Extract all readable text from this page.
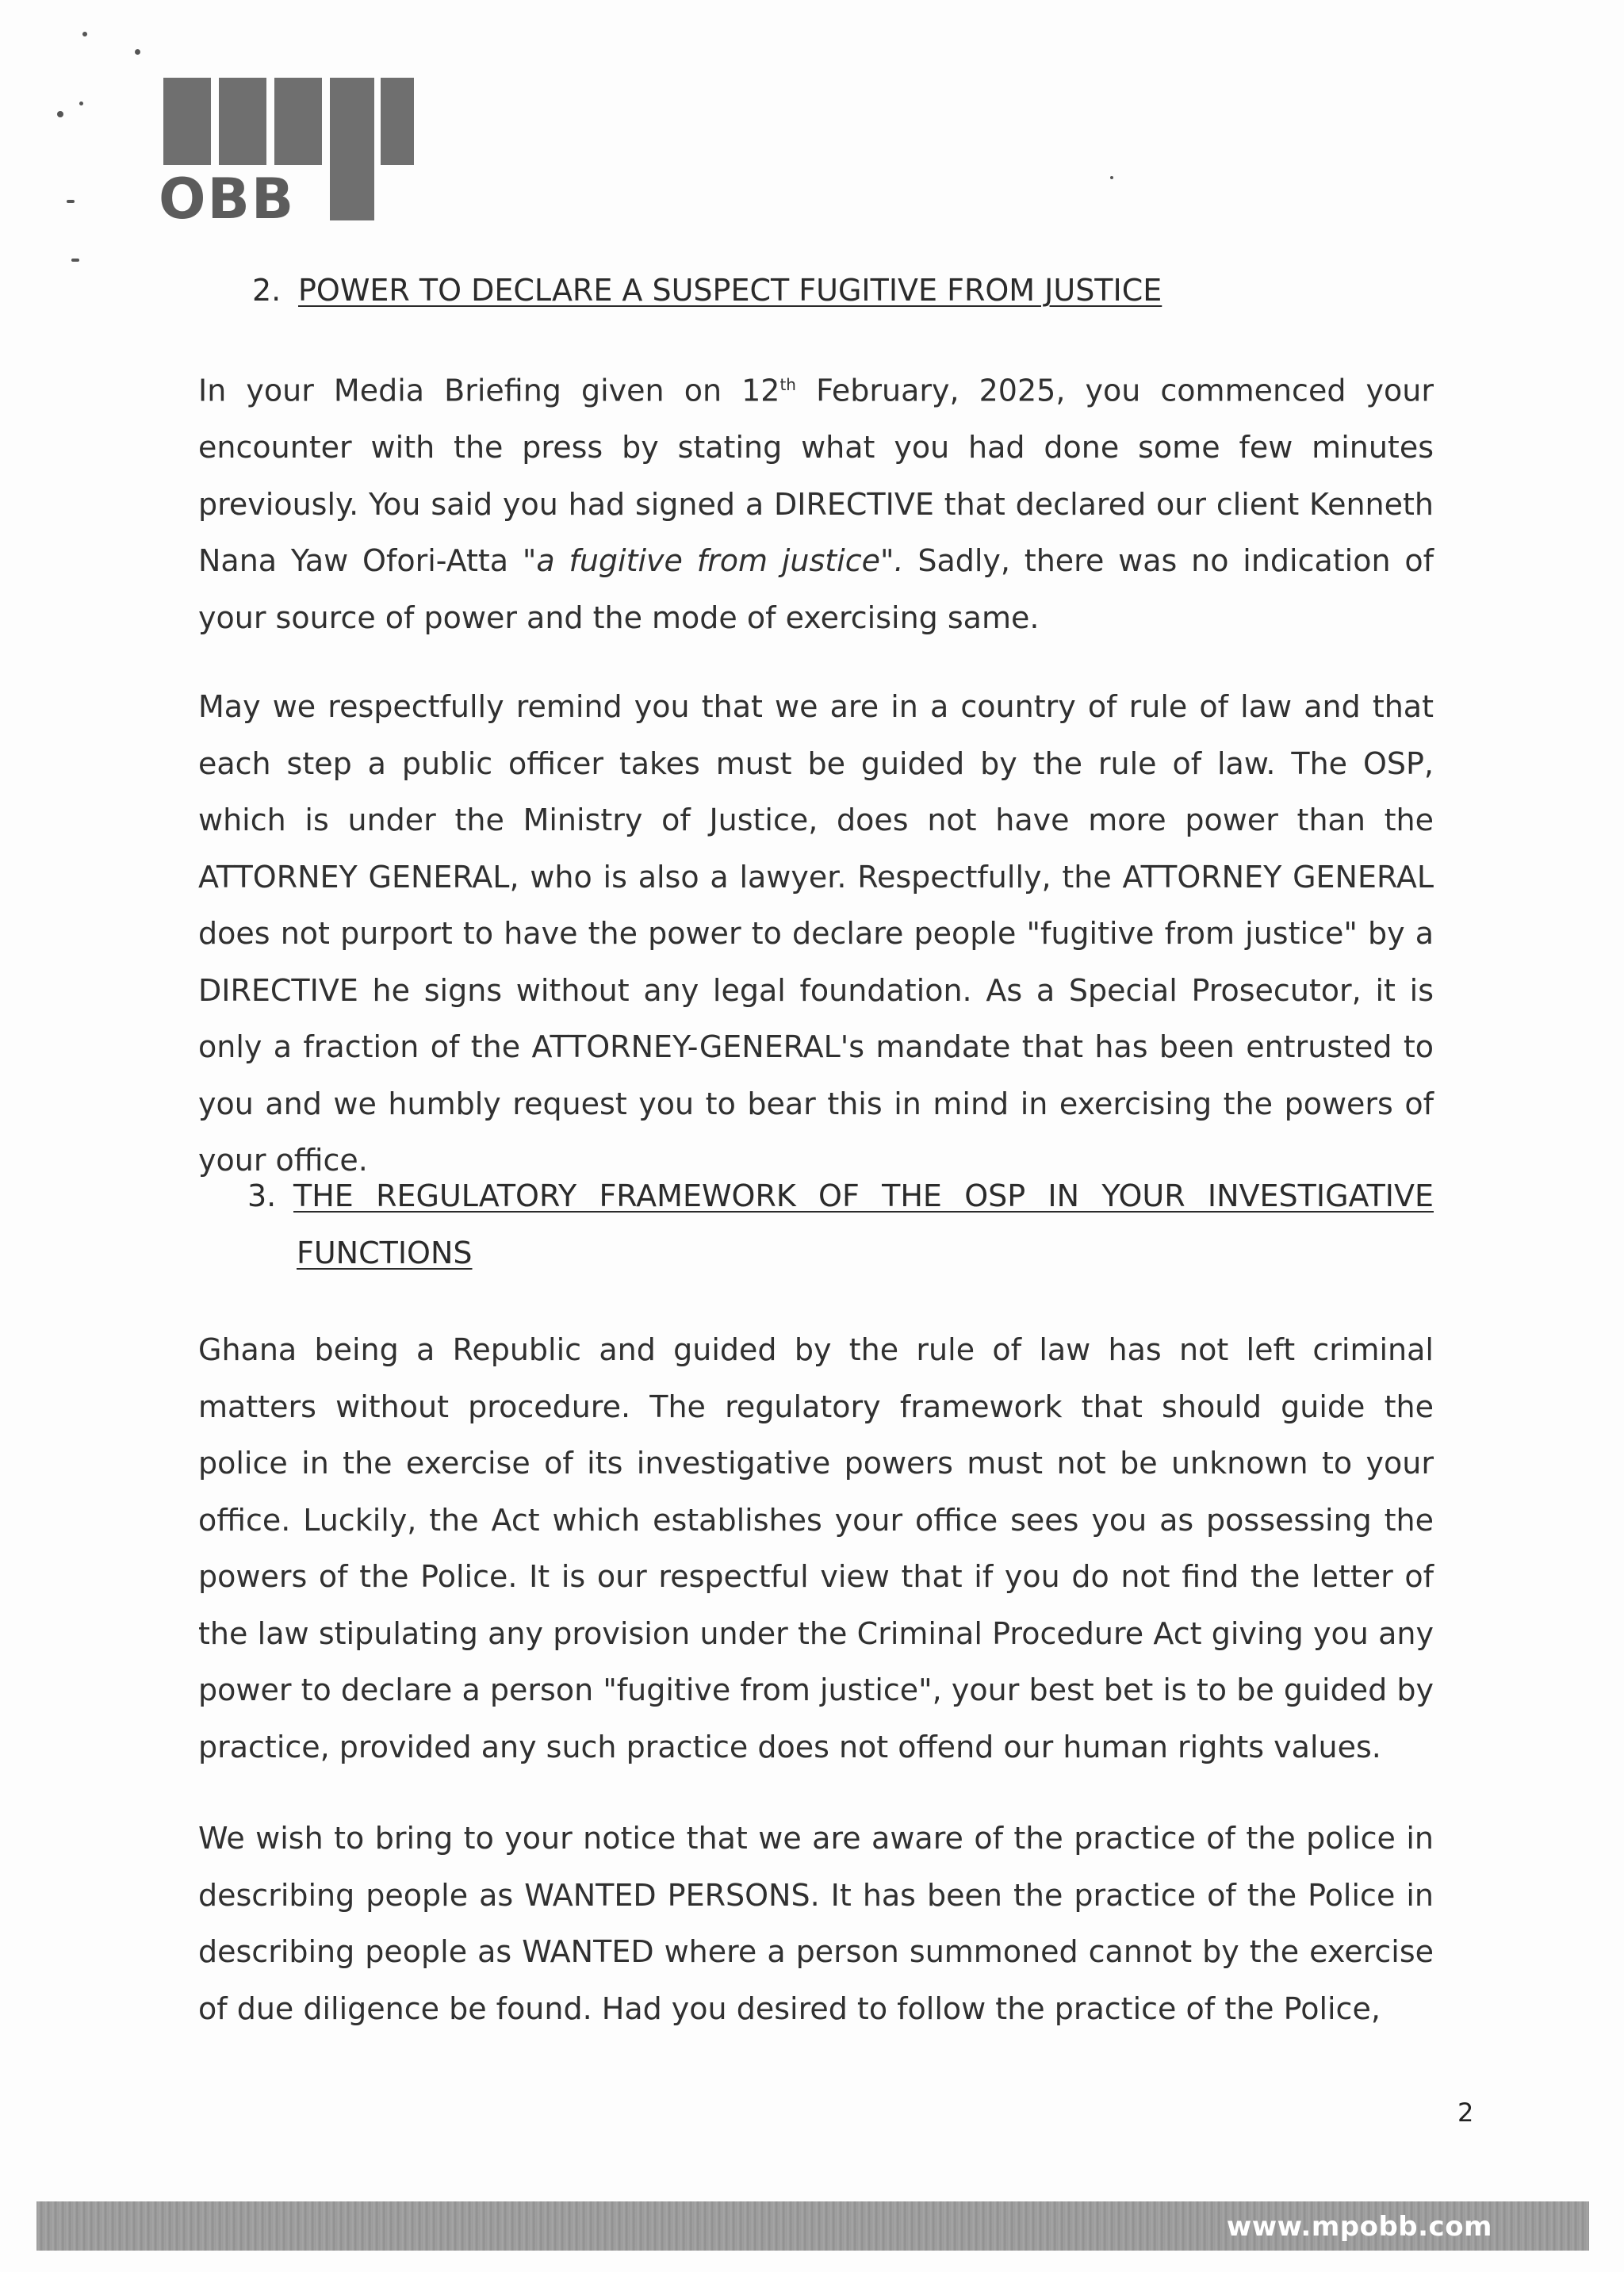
OBB
2. POWER TO DECLARE A SUSPECT FUGITIVE FROM JUSTICE
In your Media Briefing given on 12th February, 2025, you commenced your encounter with the press by stating what you had done some few minutes previously. You said you had signed a DIRECTIVE that declared our client Kenneth Nana Yaw Ofori-Atta "a fugitive from justice". Sadly, there was no indication of your source of power and the mode of exercising same.
May we respectfully remind you that we are in a country of rule of law and that each step a public officer takes must be guided by the rule of law. The OSP, which is under the Ministry of Justice, does not have more power than the ATTORNEY GENERAL, who is also a lawyer. Respectfully, the ATTORNEY GENERAL does not purport to have the power to declare people "fugitive from justice" by a DIRECTIVE he signs without any legal foundation. As a Special Prosecutor, it is only a fraction of the ATTORNEY-GENERAL's mandate that has been entrusted to you and we humbly request you to bear this in mind in exercising the powers of your office.
3. THE REGULATORY FRAMEWORK OF THE OSP IN YOUR INVESTIGATIVE
FUNCTIONS
Ghana being a Republic and guided by the rule of law has not left criminal matters without procedure. The regulatory framework that should guide the police in the exercise of its investigative powers must not be unknown to your office. Luckily, the Act which establishes your office sees you as possessing the powers of the Police. It is our respectful view that if you do not find the letter of the law stipulating any provision under the Criminal Procedure Act giving you any power to declare a person "fugitive from justice", your best bet is to be guided by practice, provided any such practice does not offend our human rights values.
We wish to bring to your notice that we are aware of the practice of the police in describing people as WANTED PERSONS. It has been the practice of the Police in describing people as WANTED where a person summoned cannot by the exercise of due diligence be found. Had you desired to follow the practice of the Police,
2
www.mpobb.com
